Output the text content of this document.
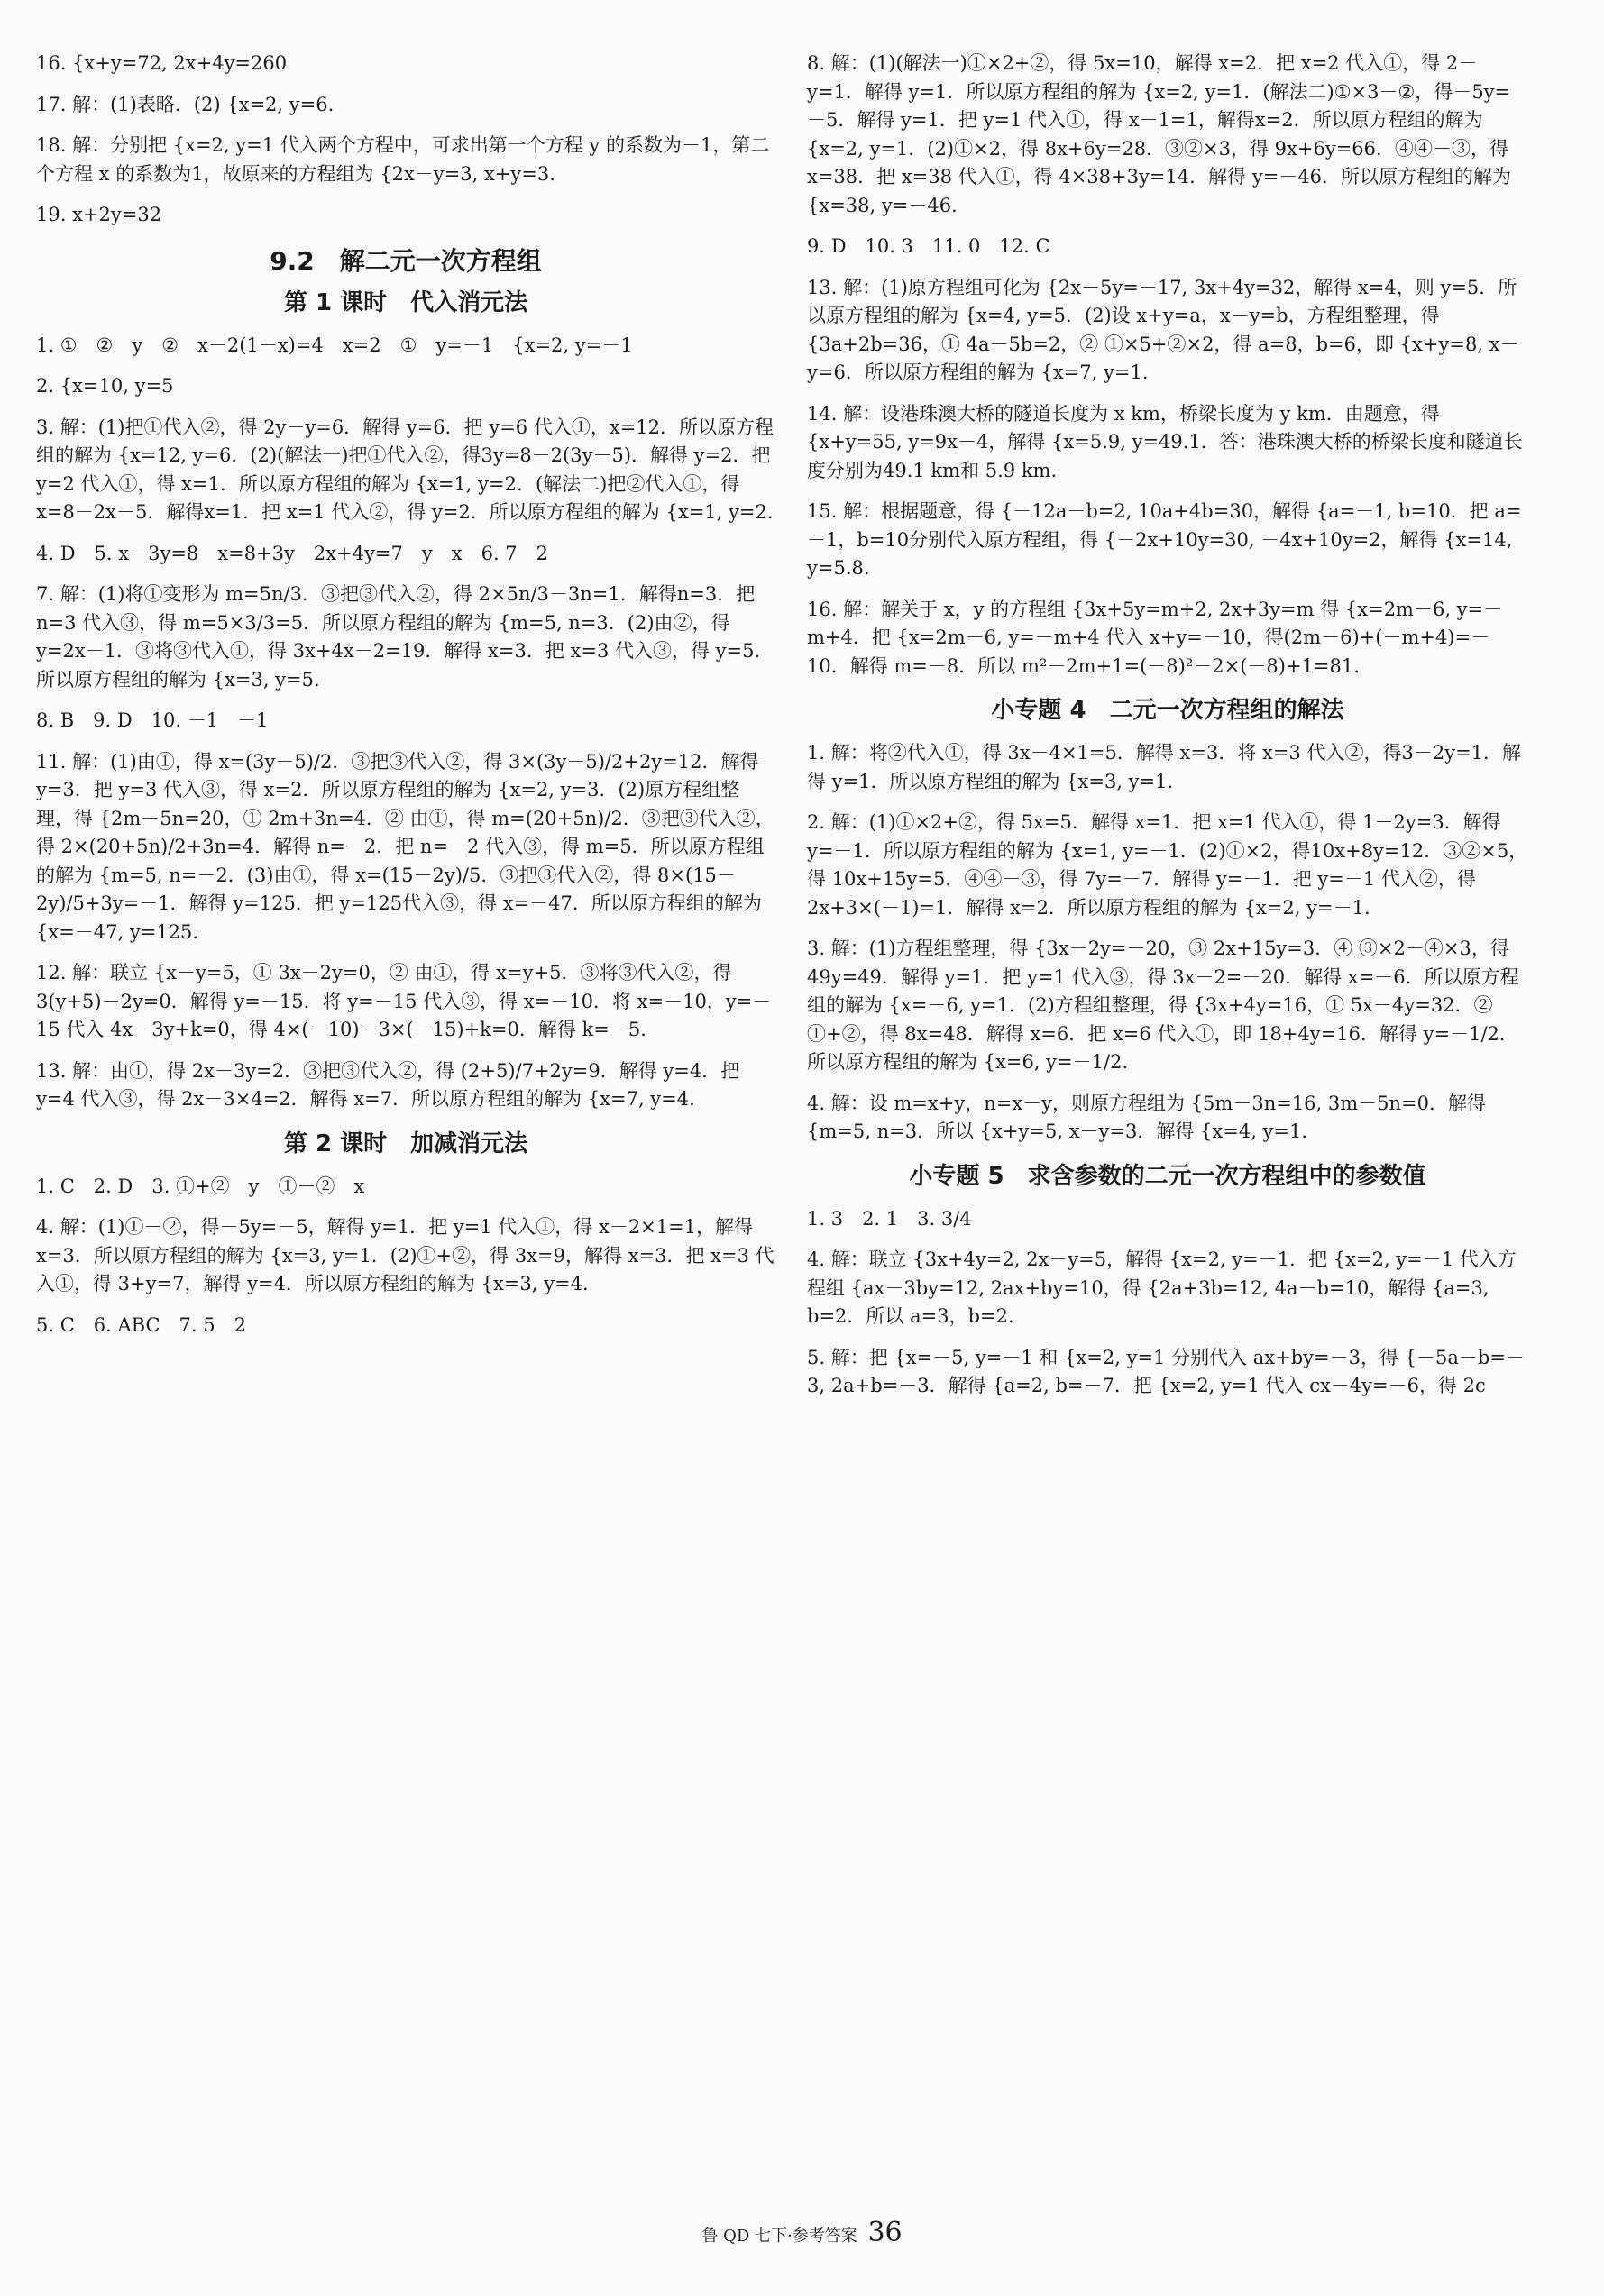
16. {x+y=72, 2x+4y=260
17. 解：(1)表略．(2) {x=2, y=6.
18. 解：分别把 {x=2, y=1 代入两个方程中，可求出第一个方程 y 的系数为－1，第二个方程 x 的系数为1，故原来的方程组为 {2x－y=3, x+y=3.
19. x+2y=32
9.2　解二元一次方程组
第 1 课时　代入消元法
1. ①　②　y　②　x－2(1－x)=4　x=2　①　y=－1　{x=2, y=－1
2. {x=10, y=5
3. 解：(1)把①代入②，得 2y－y=6．解得 y=6．把 y=6 代入①，x=12．所以原方程组的解为 {x=12, y=6．(2)(解法一)把①代入②，得3y=8－2(3y－5)．解得 y=2．把 y=2 代入①，得 x=1．所以原方程组的解为 {x=1, y=2．(解法二)把②代入①，得 x=8－2x－5．解得x=1．把 x=1 代入②，得 y=2．所以原方程组的解为 {x=1, y=2.
4. D　5. x－3y=8　x=8+3y　2x+4y=7　y　x　6. 7　2
7. 解：(1)将①变形为 m=5n/3．③把③代入②，得 2×5n/3－3n=1．解得n=3．把 n=3 代入③，得 m=5×3/3=5．所以原方程组的解为 {m=5, n=3．(2)由②，得 y=2x－1．③将③代入①，得 3x+4x－2=19．解得 x=3．把 x=3 代入③，得 y=5．所以原方程组的解为 {x=3, y=5.
8. B　9. D　10. －1　－1
11. 解：(1)由①，得 x=(3y－5)/2．③把③代入②，得 3×(3y－5)/2+2y=12．解得 y=3．把 y=3 代入③，得 x=2．所以原方程组的解为 {x=2, y=3．(2)原方程组整理，得 {2m－5n=20，① 2m+3n=4．② 由①，得 m=(20+5n)/2．③把③代入②，得 2×(20+5n)/2+3n=4．解得 n=－2．把 n=－2 代入③，得 m=5．所以原方程组的解为 {m=5, n=－2．(3)由①，得 x=(15－2y)/5．③把③代入②，得 8×(15－2y)/5+3y=－1．解得 y=125．把 y=125代入③，得 x=－47．所以原方程组的解为 {x=－47, y=125.
12. 解：联立 {x－y=5，① 3x－2y=0，② 由①，得 x=y+5．③将③代入②，得3(y+5)－2y=0．解得 y=－15．将 y=－15 代入③，得 x=－10．将 x=－10，y=－15 代入 4x－3y+k=0，得 4×(－10)－3×(－15)+k=0．解得 k=－5.
13. 解：由①，得 2x－3y=2．③把③代入②，得 (2+5)/7+2y=9．解得 y=4．把 y=4 代入③，得 2x－3×4=2．解得 x=7．所以原方程组的解为 {x=7, y=4.
第 2 课时　加减消元法
1. C　2. D　3. ①+②　y　①－②　x
4. 解：(1)①－②，得－5y=－5，解得 y=1．把 y=1 代入①，得 x－2×1=1，解得 x=3．所以原方程组的解为 {x=3, y=1．(2)①+②，得 3x=9，解得 x=3．把 x=3 代入①，得 3+y=7，解得 y=4．所以原方程组的解为 {x=3, y=4.
5. C　6. ABC　7. 5　2
8. 解：(1)(解法一)①×2+②，得 5x=10，解得 x=2．把 x=2 代入①，得 2－y=1．解得 y=1．所以原方程组的解为 {x=2, y=1．(解法二)①×3－②，得－5y=－5．解得 y=1．把 y=1 代入①，得 x－1=1，解得x=2．所以原方程组的解为 {x=2, y=1．(2)①×2，得 8x+6y=28．③②×3，得 9x+6y=66．④④－③，得 x=38．把 x=38 代入①，得 4×38+3y=14．解得 y=－46．所以原方程组的解为 {x=38, y=－46.
9. D　10. 3　11. 0　12. C
13. 解：(1)原方程组可化为 {2x－5y=－17, 3x+4y=32，解得 x=4，则 y=5．所以原方程组的解为 {x=4, y=5．(2)设 x+y=a，x－y=b，方程组整理，得 {3a+2b=36，① 4a－5b=2，② ①×5+②×2，得 a=8，b=6，即 {x+y=8, x－y=6．所以原方程组的解为 {x=7, y=1.
14. 解：设港珠澳大桥的隧道长度为 x km，桥梁长度为 y km．由题意，得 {x+y=55, y=9x－4，解得 {x=5.9, y=49.1．答：港珠澳大桥的桥梁长度和隧道长度分别为49.1 km和 5.9 km.
15. 解：根据题意，得 {－12a－b=2, 10a+4b=30，解得 {a=－1, b=10．把 a=－1，b=10分别代入原方程组，得 {－2x+10y=30, －4x+10y=2，解得 {x=14, y=5.8.
16. 解：解关于 x，y 的方程组 {3x+5y=m+2, 2x+3y=m 得 {x=2m－6, y=－m+4．把 {x=2m－6, y=－m+4 代入 x+y=－10，得(2m－6)+(－m+4)=－10．解得 m=－8．所以 m²－2m+1=(－8)²－2×(－8)+1=81.
小专题 4　二元一次方程组的解法
1. 解：将②代入①，得 3x－4×1=5．解得 x=3．将 x=3 代入②，得3－2y=1．解得 y=1．所以原方程组的解为 {x=3, y=1.
2. 解：(1)①×2+②，得 5x=5．解得 x=1．把 x=1 代入①，得 1－2y=3．解得 y=－1．所以原方程组的解为 {x=1, y=－1．(2)①×2，得10x+8y=12．③②×5，得 10x+15y=5．④④－③，得 7y=－7．解得 y=－1．把 y=－1 代入②，得 2x+3×(－1)=1．解得 x=2．所以原方程组的解为 {x=2, y=－1.
3. 解：(1)方程组整理，得 {3x－2y=－20，③ 2x+15y=3．④ ③×2－④×3，得 49y=49．解得 y=1．把 y=1 代入③，得 3x－2=－20．解得 x=－6．所以原方程组的解为 {x=－6, y=1．(2)方程组整理，得 {3x+4y=16，① 5x－4y=32．② ①+②，得 8x=48．解得 x=6．把 x=6 代入①，即 18+4y=16．解得 y=－1/2．所以原方程组的解为 {x=6, y=－1/2.
4. 解：设 m=x+y，n=x－y，则原方程组为 {5m－3n=16, 3m－5n=0．解得 {m=5, n=3．所以 {x+y=5, x－y=3．解得 {x=4, y=1.
小专题 5　求含参数的二元一次方程组中的参数值
1. 3　2. 1　3. 3/4
4. 解：联立 {3x+4y=2, 2x－y=5，解得 {x=2, y=－1．把 {x=2, y=－1 代入方程组 {ax－3by=12, 2ax+by=10，得 {2a+3b=12, 4a－b=10，解得 {a=3, b=2．所以 a=3，b=2.
5. 解：把 {x=－5, y=－1 和 {x=2, y=1 分别代入 ax+by=－3，得 {－5a－b=－3, 2a+b=－3．解得 {a=2, b=－7．把 {x=2, y=1 代入 cx－4y=－6，得 2c
鲁 QD 七下·参考答案 36
